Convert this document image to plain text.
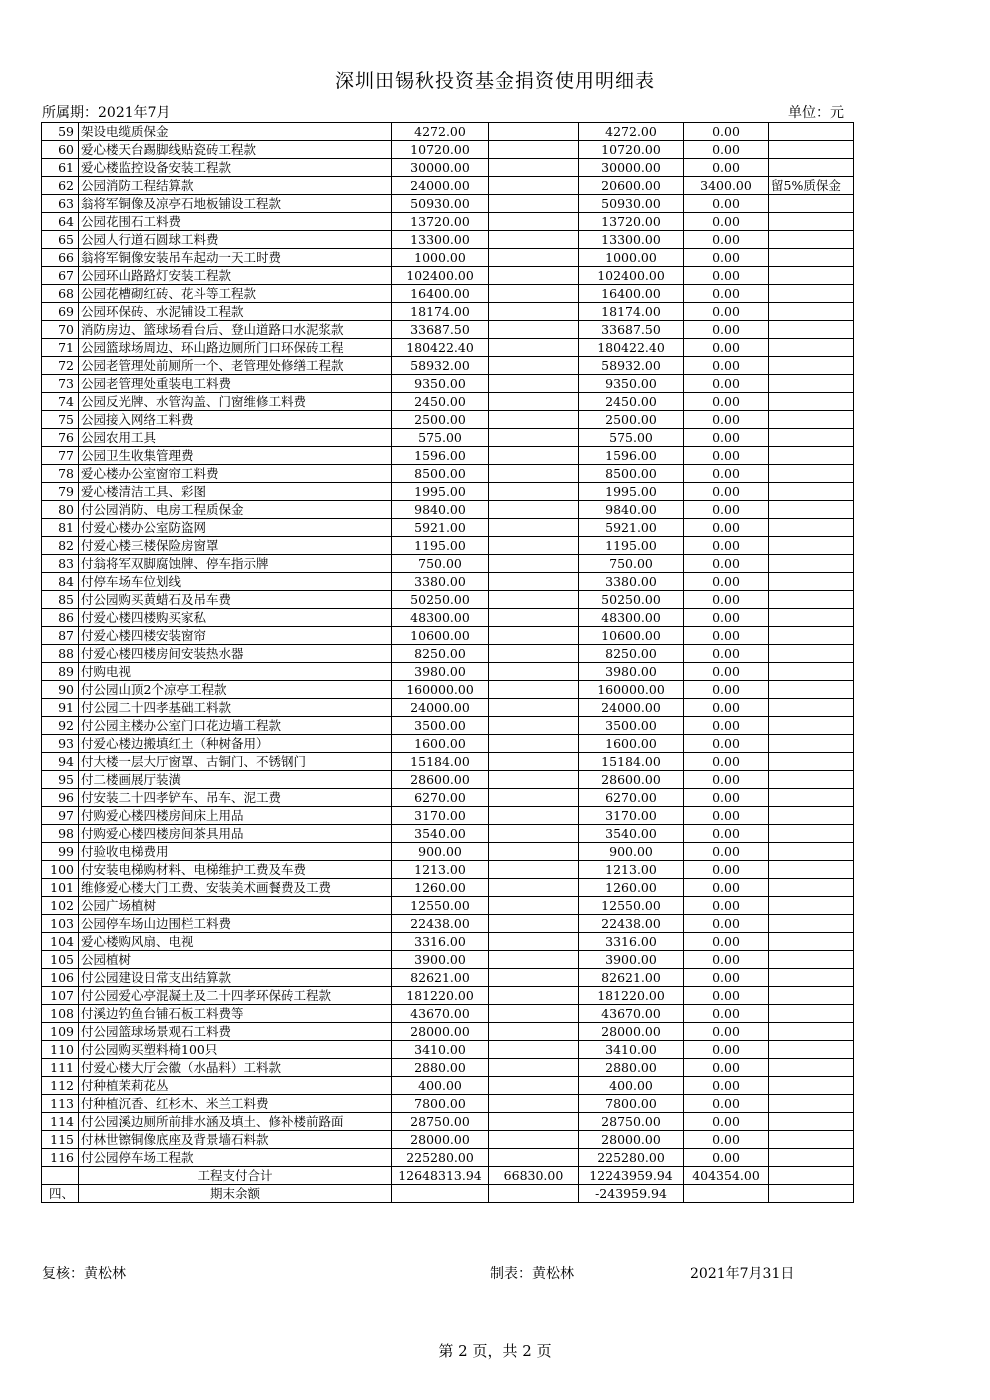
深圳田锡秋投资基金捐资使用明细表
所属期：2021年7月	单位：元
59	架设电缆质保金	4272.00		4272.00	0.00	
60	爱心楼天台踢脚线贴瓷砖工程款	10720.00		10720.00	0.00	
61	爱心楼监控设备安装工程款	30000.00		30000.00	0.00	
62	公园消防工程结算款	24000.00		20600.00	3400.00	留5%质保金
63	翁将军铜像及凉亭石地板铺设工程款	50930.00		50930.00	0.00	
64	公园花围石工料费	13720.00		13720.00	0.00	
65	公园人行道石圆球工料费	13300.00		13300.00	0.00	
66	翁将军铜像安装吊车起动一天工时费	1000.00		1000.00	0.00	
67	公园环山路路灯安装工程款	102400.00		102400.00	0.00	
68	公园花槽砌红砖、花斗等工程款	16400.00		16400.00	0.00	
69	公园环保砖、水泥铺设工程款	18174.00		18174.00	0.00	
70	消防房边、篮球场看台后、登山道路口水泥浆款	33687.50		33687.50	0.00	
71	公园篮球场周边、环山路边厕所门口环保砖工程	180422.40		180422.40	0.00	
72	公园老管理处前厕所一个、老管理处修缮工程款	58932.00		58932.00	0.00	
73	公园老管理处重装电工料费	9350.00		9350.00	0.00	
74	公园反光牌、水管沟盖、门窗维修工料费	2450.00		2450.00	0.00	
75	公园接入网络工料费	2500.00		2500.00	0.00	
76	公园农用工具	575.00		575.00	0.00	
77	公园卫生收集管理费	1596.00		1596.00	0.00	
78	爱心楼办公室窗帘工料费	8500.00		8500.00	0.00	
79	爱心楼清洁工具、彩图	1995.00		1995.00	0.00	
80	付公园消防、电房工程质保金	9840.00		9840.00	0.00	
81	付爱心楼办公室防盗网	5921.00		5921.00	0.00	
82	付爱心楼三楼保险房窗罩	1195.00		1195.00	0.00	
83	付翁将军双脚腐蚀牌、停车指示牌	750.00		750.00	0.00	
84	付停车场车位划线	3380.00		3380.00	0.00	
85	付公园购买黄蜡石及吊车费	50250.00		50250.00	0.00	
86	付爱心楼四楼购买家私	48300.00		48300.00	0.00	
87	付爱心楼四楼安装窗帘	10600.00		10600.00	0.00	
88	付爱心楼四楼房间安装热水器	8250.00		8250.00	0.00	
89	付购电视	3980.00		3980.00	0.00	
90	付公园山顶2个凉亭工程款	160000.00		160000.00	0.00	
91	付公园二十四孝基础工料款	24000.00		24000.00	0.00	
92	付公园主楼办公室门口花边墙工程款	3500.00		3500.00	0.00	
93	付爱心楼边搬填红土（种树备用）	1600.00		1600.00	0.00	
94	付大楼一层大厅窗罩、古铜门、不锈钢门	15184.00		15184.00	0.00	
95	付二楼画展厅装潢	28600.00		28600.00	0.00	
96	付安装二十四孝铲车、吊车、泥工费	6270.00		6270.00	0.00	
97	付购爱心楼四楼房间床上用品	3170.00		3170.00	0.00	
98	付购爱心楼四楼房间茶具用品	3540.00		3540.00	0.00	
99	付验收电梯费用	900.00		900.00	0.00	
100	付安装电梯购材料、电梯维护工费及车费	1213.00		1213.00	0.00	
101	维修爱心楼大门工费、安装美术画餐费及工费	1260.00		1260.00	0.00	
102	公园广场植树	12550.00		12550.00	0.00	
103	公园停车场山边围栏工料费	22438.00		22438.00	0.00	
104	爱心楼购风扇、电视	3316.00		3316.00	0.00	
105	公园植树	3900.00		3900.00	0.00	
106	付公园建设日常支出结算款	82621.00		82621.00	0.00	
107	付公园爱心亭混凝土及二十四孝环保砖工程款	181220.00		181220.00	0.00	
108	付溪边钓鱼台铺石板工料费等	43670.00		43670.00	0.00	
109	付公园篮球场景观石工料费	28000.00		28000.00	0.00	
110	付公园购买塑料椅100只	3410.00		3410.00	0.00	
111	付爱心楼大厅会徽（水晶料）工料款	2880.00		2880.00	0.00	
112	付种植茉莉花丛	400.00		400.00	0.00	
113	付种植沉香、红杉木、米兰工料费	7800.00		7800.00	0.00	
114	付公园溪边厕所前排水涵及填土、修补楼前路面	28750.00		28750.00	0.00	
115	付林世镲铜像底座及背景墙石料款	28000.00		28000.00	0.00	
116	付公园停车场工程款	225280.00		225280.00	0.00	
	工程支付合计	12648313.94	66830.00	12243959.94	404354.00	
四、	期末余额			-243959.94		
复核：黄松林	制表：黄松林	2021年7月31日
第 2 页，共 2 页
